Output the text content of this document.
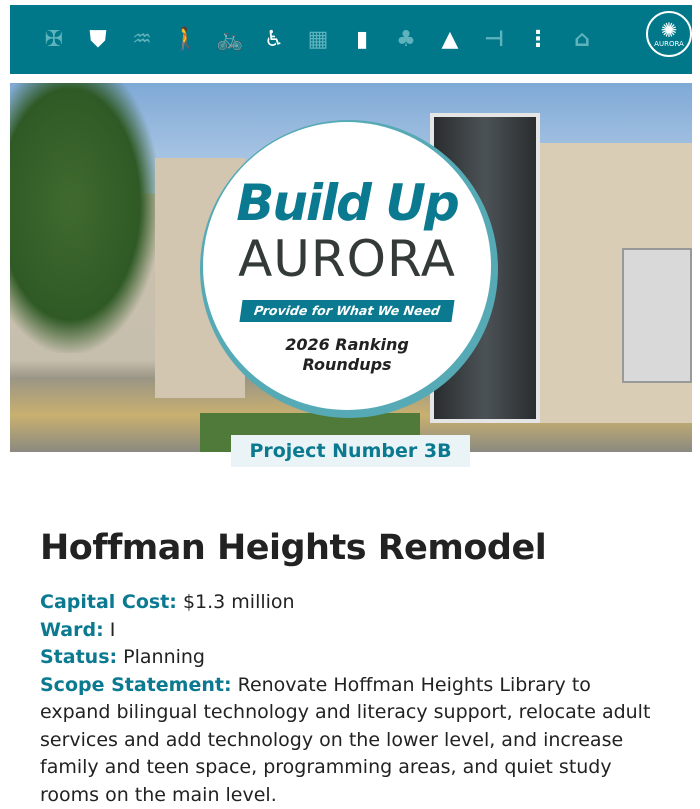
✠	⛊	♒ 🚶 🚲 ♿	▦	▮	♣	▲	⊣	⋮	⌂	✺
AURORA
Build Up
AURORA
Provide for What We Need
2026 Ranking
Roundups
Project Number 3B
Hoffman Heights Remodel
Capital Cost: $1.3 million
Ward: I
Status: Planning
Scope Statement: Renovate Hoffman Heights Library to expand bilingual technology and literacy support, relocate adult services and add technology on the lower level, and increase family and teen space, programming areas, and quiet study rooms on the main level.
